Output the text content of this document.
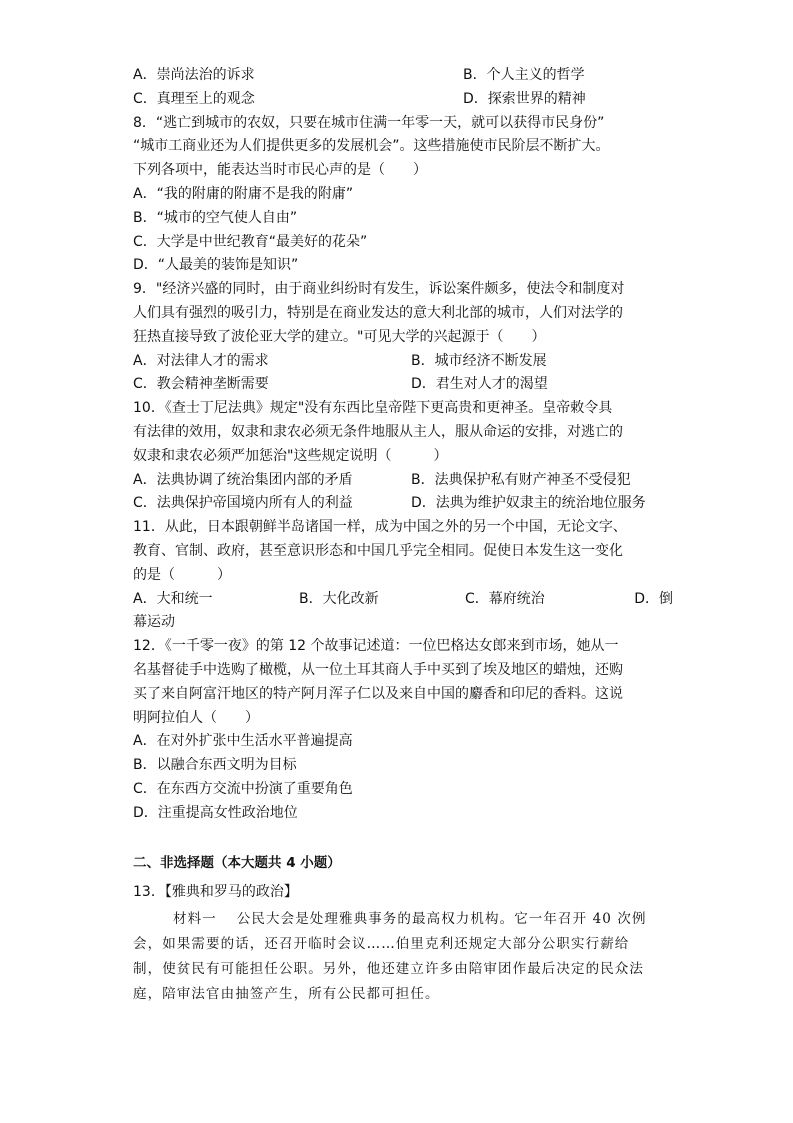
A．崇尚法治的诉求	B．个人主义的哲学
C．真理至上的观念	D．探索世界的精神
8．“逃亡到城市的农奴，只要在城市住满一年零一天，就可以获得市民身份”
“城市工商业还为人们提供更多的发展机会”。这些措施使市民阶层不断扩大。
下列各项中，能表达当时市民心声的是（　　）
A．“我的附庸的附庸不是我的附庸”
B．“城市的空气使人自由”
C．大学是中世纪教育“最美好的花朵”
D．“人最美的装饰是知识”
9．"经济兴盛的同时，由于商业纠纷时有发生，诉讼案件颇多，使法令和制度对
人们具有强烈的吸引力，特别是在商业发达的意大利北部的城市，人们对法学的
狂热直接导致了波伦亚大学的建立。"可见大学的兴起源于（　　）
A．对法律人才的需求	B．城市经济不断发展
C．教会精神垄断需要	D．君生对人才的渴望
10．《查士丁尼法典》规定"没有东西比皇帝陛下更高贵和更神圣。皇帝敕令具
有法律的效用，奴隶和隶农必须无条件地服从主人，服从命运的安排，对逃亡的
奴隶和隶农必须严加惩治"这些规定说明（　　　）
A．法典协调了统治集团内部的矛盾	B．法典保护私有财产神圣不受侵犯
C．法典保护帝国境内所有人的利益	D．法典为维护奴隶主的统治地位服务
11．从此，日本跟朝鲜半岛诸国一样，成为中国之外的另一个中国，无论文字、
教育、官制、政府，甚至意识形态和中国几乎完全相同。促使日本发生这一变化
的是（　　　）
A．大和统一	B．大化改新	C．幕府统治	D．倒
幕运动
12．《一千零一夜》的第 12 个故事记述道：一位巴格达女郎来到市场，她从一
名基督徒手中选购了橄榄，从一位土耳其商人手中买到了埃及地区的蜡烛，还购
买了来自阿富汗地区的特产阿月浑子仁以及来自中国的麝香和印尼的香料。这说
明阿拉伯人（　　）
A．在对外扩张中生活水平普遍提高
B．以融合东西文明为目标
C．在东西方交流中扮演了重要角色
D．注重提高女性政治地位
二、非选择题（本大题共 4 小题）
13．【雅典和罗马的政治】
材料一　 公民大会是处理雅典事务的最高权力机构。它一年召开 40 次例
会，如果需要的话，还召开临时会议……伯里克利还规定大部分公职实行薪给
制，使贫民有可能担任公职。另外，他还建立许多由陪审团作最后决定的民众法
庭，陪审法官由抽签产生，所有公民都可担任。
